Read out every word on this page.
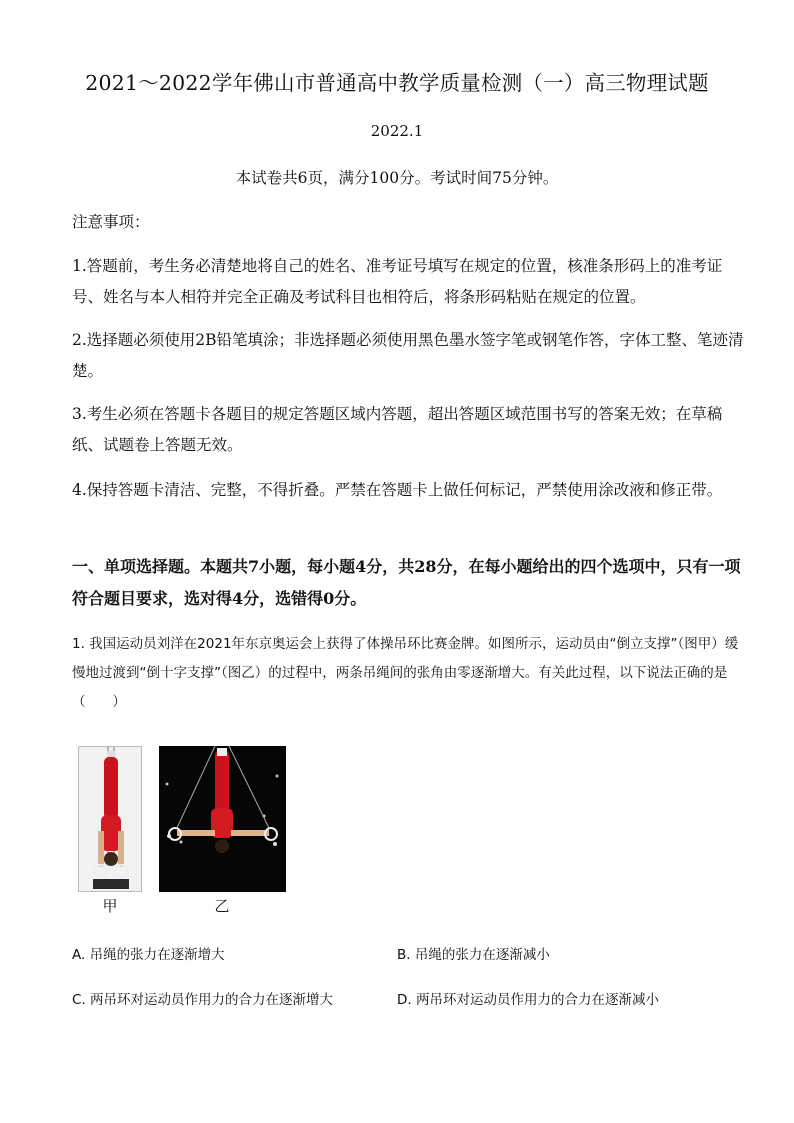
2021～2022学年佛山市普通高中教学质量检测（一）高三物理试题
2022.1
本试卷共6页，满分100分。考试时间75分钟。
注意事项：
1.答题前，考生务必清楚地将自己的姓名、准考证号填写在规定的位置，核准条形码上的准考证号、姓名与本人相符并完全正确及考试科目也相符后，将条形码粘贴在规定的位置。
2.选择题必须使用2B铅笔填涂；非选择题必须使用黑色墨水签字笔或钢笔作答，字体工整、笔迹清楚。
3.考生必须在答题卡各题目的规定答题区域内答题，超出答题区域范围书写的答案无效；在草稿纸、试题卷上答题无效。
4.保持答题卡清洁、完整，不得折叠。严禁在答题卡上做任何标记，严禁使用涂改液和修正带。
一、单项选择题。本题共7小题，每小题4分，共28分，在每小题给出的四个选项中，只有一项符合题目要求，选对得4分，选错得0分。
1. 我国运动员刘洋在2021年东京奥运会上获得了体操吊环比赛金牌。如图所示，运动员由“倒立支撑”（图甲）缓慢地过渡到“倒十字支撑”（图乙）的过程中，两条吊绳间的张角由零逐渐增大。有关此过程，以下说法正确的是（　　）
甲	乙
A. 吊绳的张力在逐渐增大	B. 吊绳的张力在逐渐减小
C. 两吊环对运动员作用力的合力在逐渐增大	D. 两吊环对运动员作用力的合力在逐渐减小
